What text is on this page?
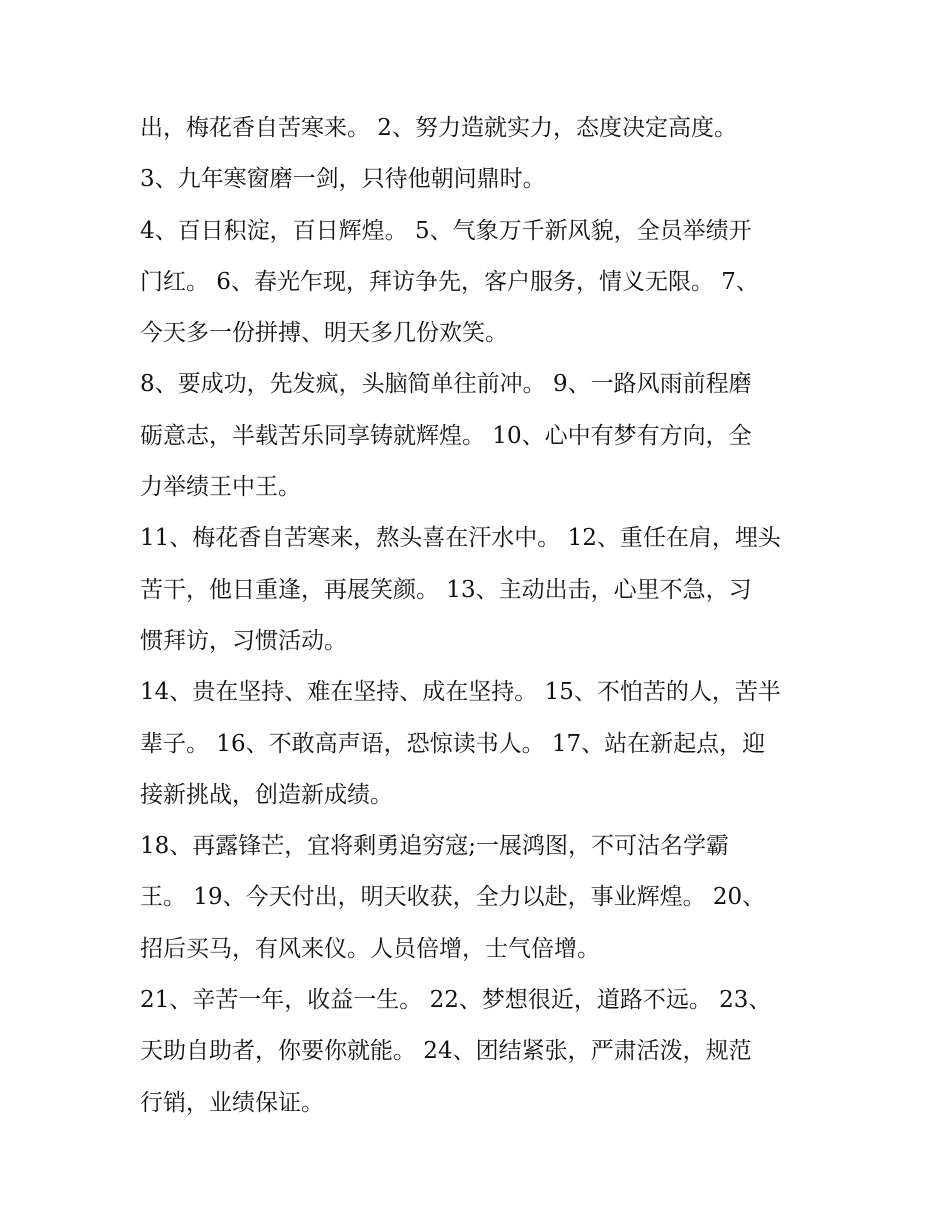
出，梅花香自苦寒来。 2、努力造就实力，态度决定高度。
3、九年寒窗磨一剑，只待他朝问鼎时。
4、百日积淀，百日辉煌。 5、气象万千新风貌，全员举绩开
门红。 6、春光乍现，拜访争先，客户服务，情义无限。 7、
今天多一份拼搏、明天多几份欢笑。
8、要成功，先发疯，头脑简单往前冲。 9、一路风雨前程磨
砺意志，半载苦乐同享铸就辉煌。 10、心中有梦有方向，全
力举绩王中王。
11、梅花香自苦寒来，熬头喜在汗水中。 12、重任在肩，埋头
苦干，他日重逢，再展笑颜。 13、主动出击，心里不急，习
惯拜访，习惯活动。
14、贵在坚持、难在坚持、成在坚持。 15、不怕苦的人，苦半
辈子。 16、不敢高声语，恐惊读书人。 17、站在新起点，迎
接新挑战，创造新成绩。
18、再露锋芒，宜将剩勇追穷寇;一展鸿图，不可沽名学霸
王。 19、今天付出，明天收获，全力以赴，事业辉煌。 20、
招后买马，有风来仪。人员倍增，士气倍增。
21、辛苦一年，收益一生。 22、梦想很近，道路不远。 23、
天助自助者，你要你就能。 24、团结紧张，严肃活泼，规范
行销，业绩保证。
